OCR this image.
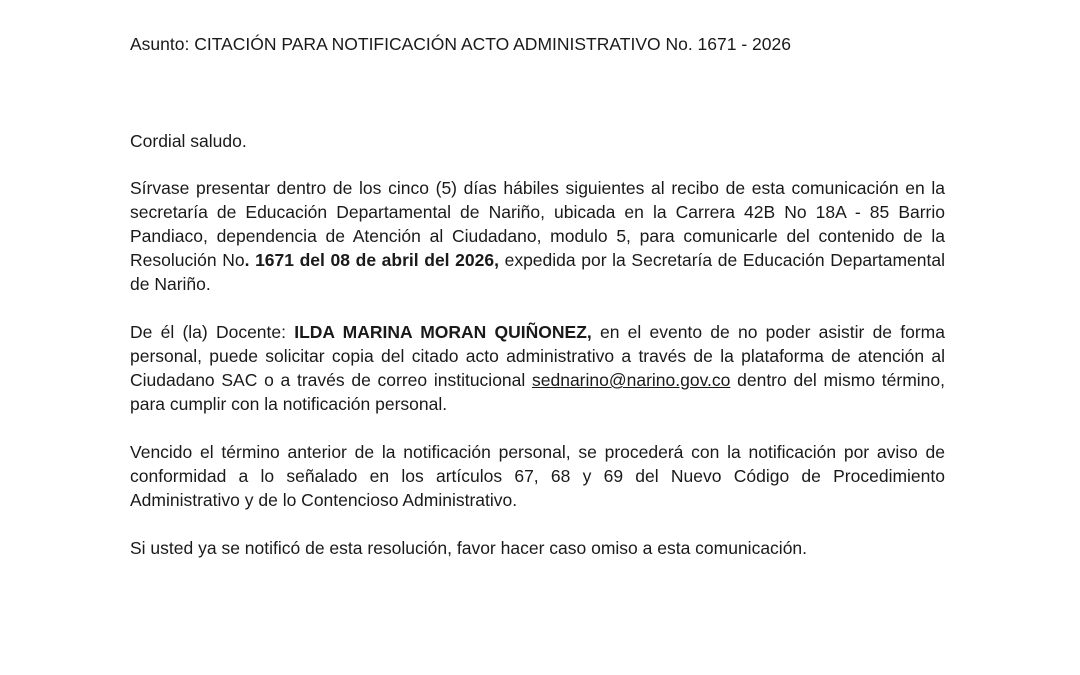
Asunto: CITACIÓN PARA NOTIFICACIÓN ACTO ADMINISTRATIVO No. 1671 - 2026

Cordial saludo.

Sírvase presentar dentro de los cinco (5) días hábiles siguientes al recibo de esta comunicación en la secretaría de Educación Departamental de Nariño, ubicada en la Carrera 42B No 18A - 85 Barrio Pandiaco, dependencia de Atención al Ciudadano, modulo 5, para comunicarle del contenido de la Resolución No. 1671 del 08 de abril del 2026, expedida por la Secretaría de Educación Departamental de Nariño.

De él (la) Docente: ILDA MARINA MORAN QUIÑONEZ, en el evento de no poder asistir de forma personal, puede solicitar copia del citado acto administrativo a través de la plataforma de atención al Ciudadano SAC o a través de correo institucional sednarino@narino.gov.co dentro del mismo término, para cumplir con la notificación personal.

Vencido el término anterior de la notificación personal, se procederá con la notificación por aviso de conformidad a lo señalado en los artículos 67, 68 y 69 del Nuevo Código de Procedimiento Administrativo y de lo Contencioso Administrativo.

Si usted ya se notificó de esta resolución, favor hacer caso omiso a esta comunicación.
